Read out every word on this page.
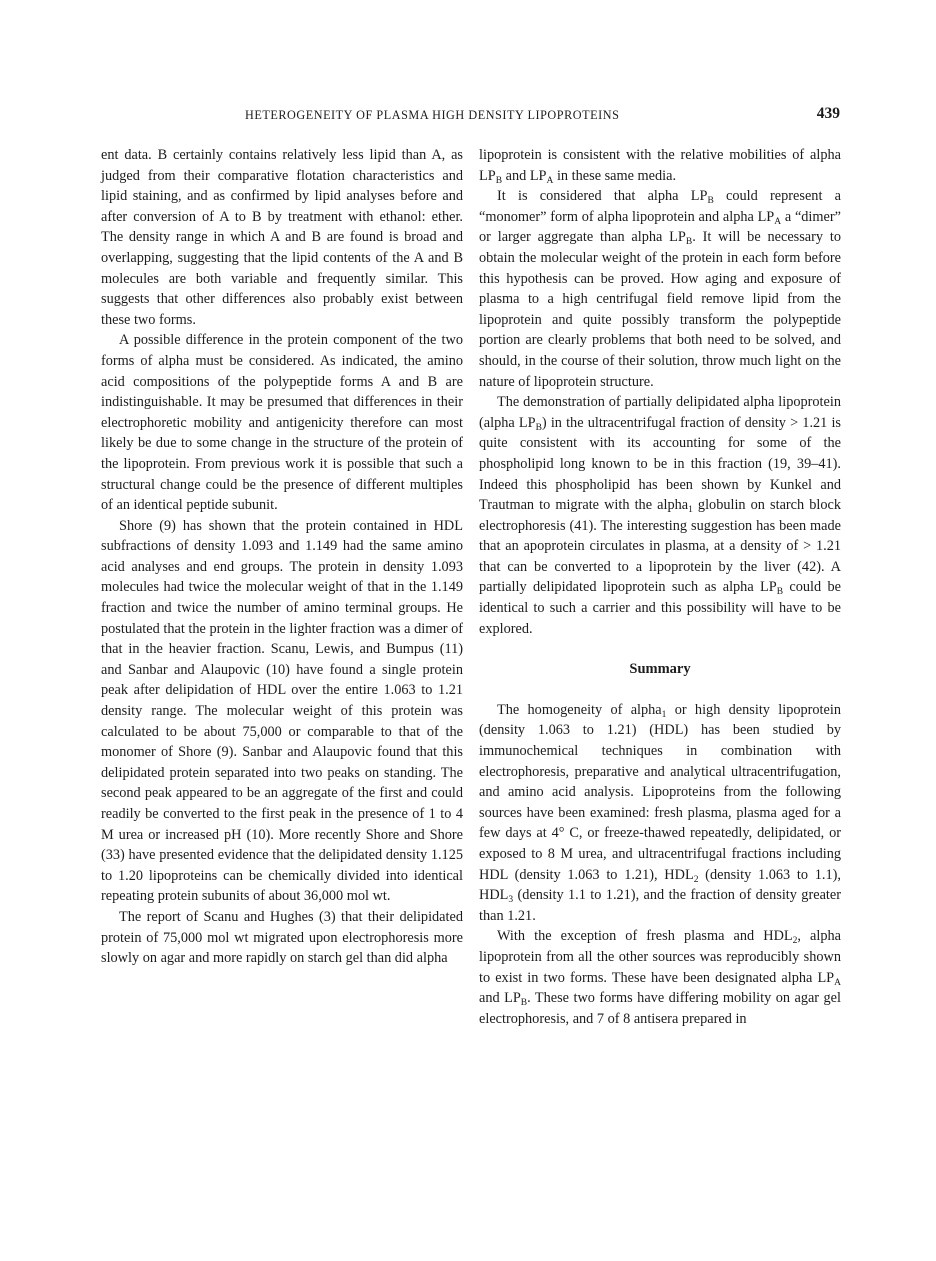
HETEROGENEITY OF PLASMA HIGH DENSITY LIPOPROTEINS	439

ent data. B certainly contains relatively less lipid than A, as judged from their comparative flotation characteristics and lipid staining, and as confirmed by lipid analyses before and after conversion of A to B by treatment with ethanol: ether. The density range in which A and B are found is broad and overlapping, suggesting that the lipid contents of the A and B molecules are both variable and frequently similar. This suggests that other differences also probably exist between these two forms.

A possible difference in the protein component of the two forms of alpha must be considered. As indicated, the amino acid compositions of the polypeptide forms A and B are indistinguishable. It may be presumed that differences in their electrophoretic mobility and antigenicity therefore can most likely be due to some change in the structure of the protein of the lipoprotein. From previous work it is possible that such a structural change could be the presence of different multiples of an identical peptide subunit.

Shore (9) has shown that the protein contained in HDL subfractions of density 1.093 and 1.149 had the same amino acid analyses and end groups. The protein in density 1.093 molecules had twice the molecular weight of that in the 1.149 fraction and twice the number of amino terminal groups. He postulated that the protein in the lighter fraction was a dimer of that in the heavier fraction. Scanu, Lewis, and Bumpus (11) and Sanbar and Alaupovic (10) have found a single protein peak after delipidation of HDL over the entire 1.063 to 1.21 density range. The molecular weight of this protein was calculated to be about 75,000 or comparable to that of the monomer of Shore (9). Sanbar and Alaupovic found that this delipidated protein separated into two peaks on standing. The second peak appeared to be an aggregate of the first and could readily be converted to the first peak in the presence of 1 to 4 M urea or increased pH (10). More recently Shore and Shore (33) have presented evidence that the delipidated density 1.125 to 1.20 lipoproteins can be chemically divided into identical repeating protein subunits of about 36,000 mol wt.

The report of Scanu and Hughes (3) that their delipidated protein of 75,000 mol wt migrated upon electrophoresis more slowly on agar and more rapidly on starch gel than did alpha

lipoprotein is consistent with the relative mobilities of alpha $LP_B$ and $LP_A$ in these same media.

It is considered that alpha $LP_B$ could represent a “monomer” form of alpha lipoprotein and alpha $LP_A$ a “dimer” or larger aggregate than alpha $LP_B$. It will be necessary to obtain the molecular weight of the protein in each form before this hypothesis can be proved. How aging and exposure of plasma to a high centrifugal field remove lipid from the lipoprotein and quite possibly transform the polypeptide portion are clearly problems that both need to be solved, and should, in the course of their solution, throw much light on the nature of lipoprotein structure.

The demonstration of partially delipidated alpha lipoprotein (alpha $LP_B$) in the ultracentrifugal fraction of density > 1.21 is quite consistent with its accounting for some of the phospholipid long known to be in this fraction (19, 39–41). Indeed this phospholipid has been shown by Kunkel and Trautman to migrate with the alpha$_1$ globulin on starch block electrophoresis (41). The interesting suggestion has been made that an apoprotein circulates in plasma, at a density of > 1.21 that can be converted to a lipoprotein by the liver (42). A partially delipidated lipoprotein such as alpha $LP_B$ could be identical to such a carrier and this possibility will have to be explored.

Summary

The homogeneity of alpha$_1$ or high density lipoprotein (density 1.063 to 1.21) (HDL) has been studied by immunochemical techniques in combination with electrophoresis, preparative and analytical ultracentrifugation, and amino acid analysis. Lipoproteins from the following sources have been examined: fresh plasma, plasma aged for a few days at 4° C, or freeze-thawed repeatedly, delipidated, or exposed to 8 M urea, and ultracentrifugal fractions including HDL (density 1.063 to 1.21), $HDL_2$ (density 1.063 to 1.1), $HDL_3$ (density 1.1 to 1.21), and the fraction of density greater than 1.21.

With the exception of fresh plasma and $HDL_2$, alpha lipoprotein from all the other sources was reproducibly shown to exist in two forms. These have been designated alpha $LP_A$ and $LP_B$. These two forms have differing mobility on agar gel electrophoresis, and 7 of 8 antisera prepared in
